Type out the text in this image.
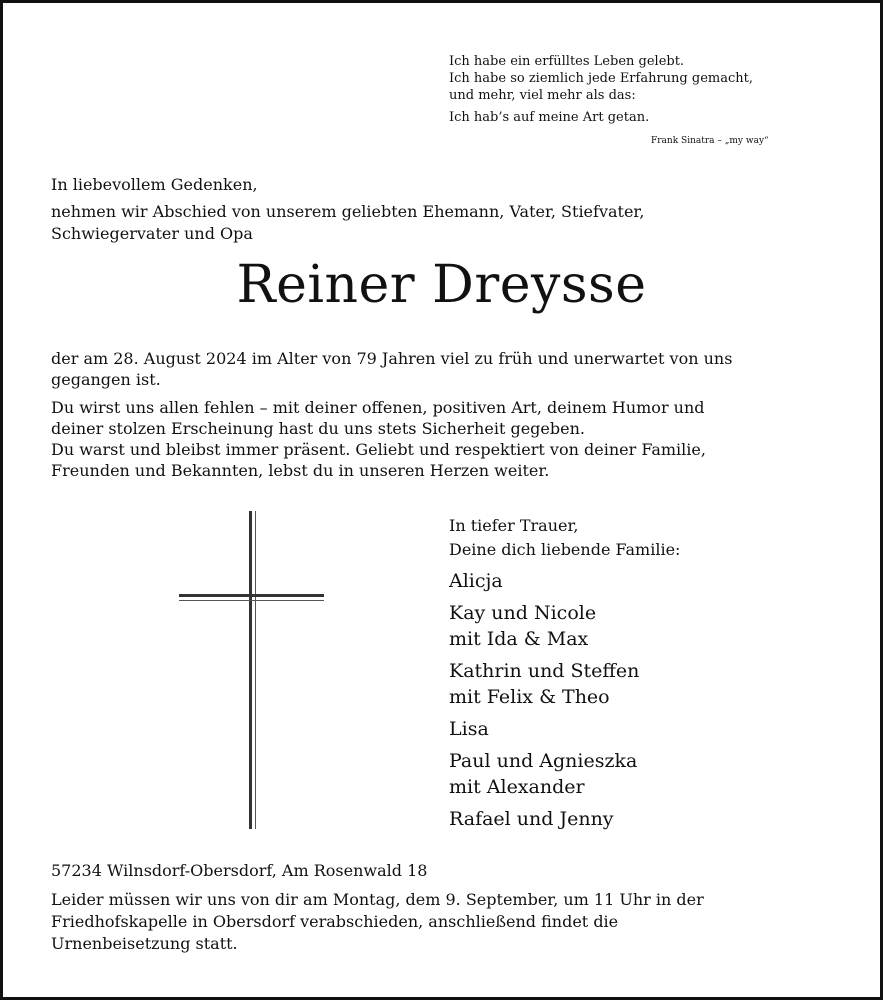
Ich habe ein erfülltes Leben gelebt.
Ich habe so ziemlich jede Erfahrung gemacht,
und mehr, viel mehr als das:
Ich hab’s auf meine Art getan.
Frank Sinatra – „my way“
In liebevollem Gedenken,
nehmen wir Abschied von unserem geliebten Ehemann, Vater, Stiefvater,
Schwiegervater und Opa
Reiner Dreysse

der am 28. August 2024 im Alter von 79 Jahren viel zu früh und unerwartet von uns
gegangen ist.

Du wirst uns allen fehlen – mit deiner offenen, positiven Art, deinem Humor und
deiner stolzen Erscheinung hast du uns stets Sicherheit gegeben.
Du warst und bleibst immer präsent. Geliebt und respektiert von deiner Familie,
Freunden und Bekannten, lebst du in unseren Herzen weiter.

In tiefer Trauer,
Deine dich liebende Familie:
Alicja
Kay und Nicole
mit Ida & Max
Kathrin und Steffen
mit Felix & Theo
Lisa
Paul und Agnieszka
mit Alexander
Rafael und Jenny
57234 Wilnsdorf-Obersdorf, Am Rosenwald 18
Leider müssen wir uns von dir am Montag, dem 9. September, um 11 Uhr in der
Friedhofskapelle in Obersdorf verabschieden, anschließend findet die
Urnenbeisetzung statt.
